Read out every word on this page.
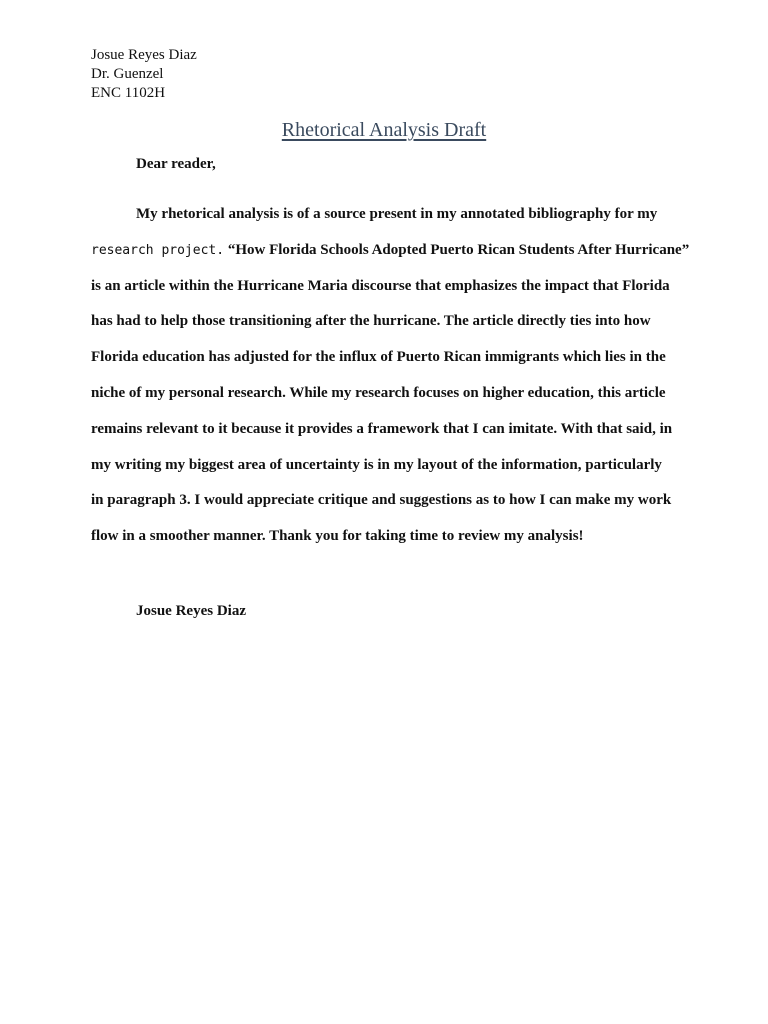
Josue Reyes Diaz
Dr. Guenzel
ENC 1102H
Rhetorical Analysis Draft
Dear reader,
My rhetorical analysis is of a source present in my annotated bibliography for my
research project. “How Florida Schools Adopted Puerto Rican Students After Hurricane”
is an article within the Hurricane Maria discourse that emphasizes the impact that Florida
has had to help those transitioning after the hurricane. The article directly ties into how
Florida education has adjusted for the influx of Puerto Rican immigrants which lies in the
niche of my personal research. While my research focuses on higher education, this article
remains relevant to it because it provides a framework that I can imitate. With that said, in
my writing my biggest area of uncertainty is in my layout of the information, particularly
in paragraph 3. I would appreciate critique and suggestions as to how I can make my work
flow in a smoother manner. Thank you for taking time to review my analysis!
Josue Reyes Diaz
